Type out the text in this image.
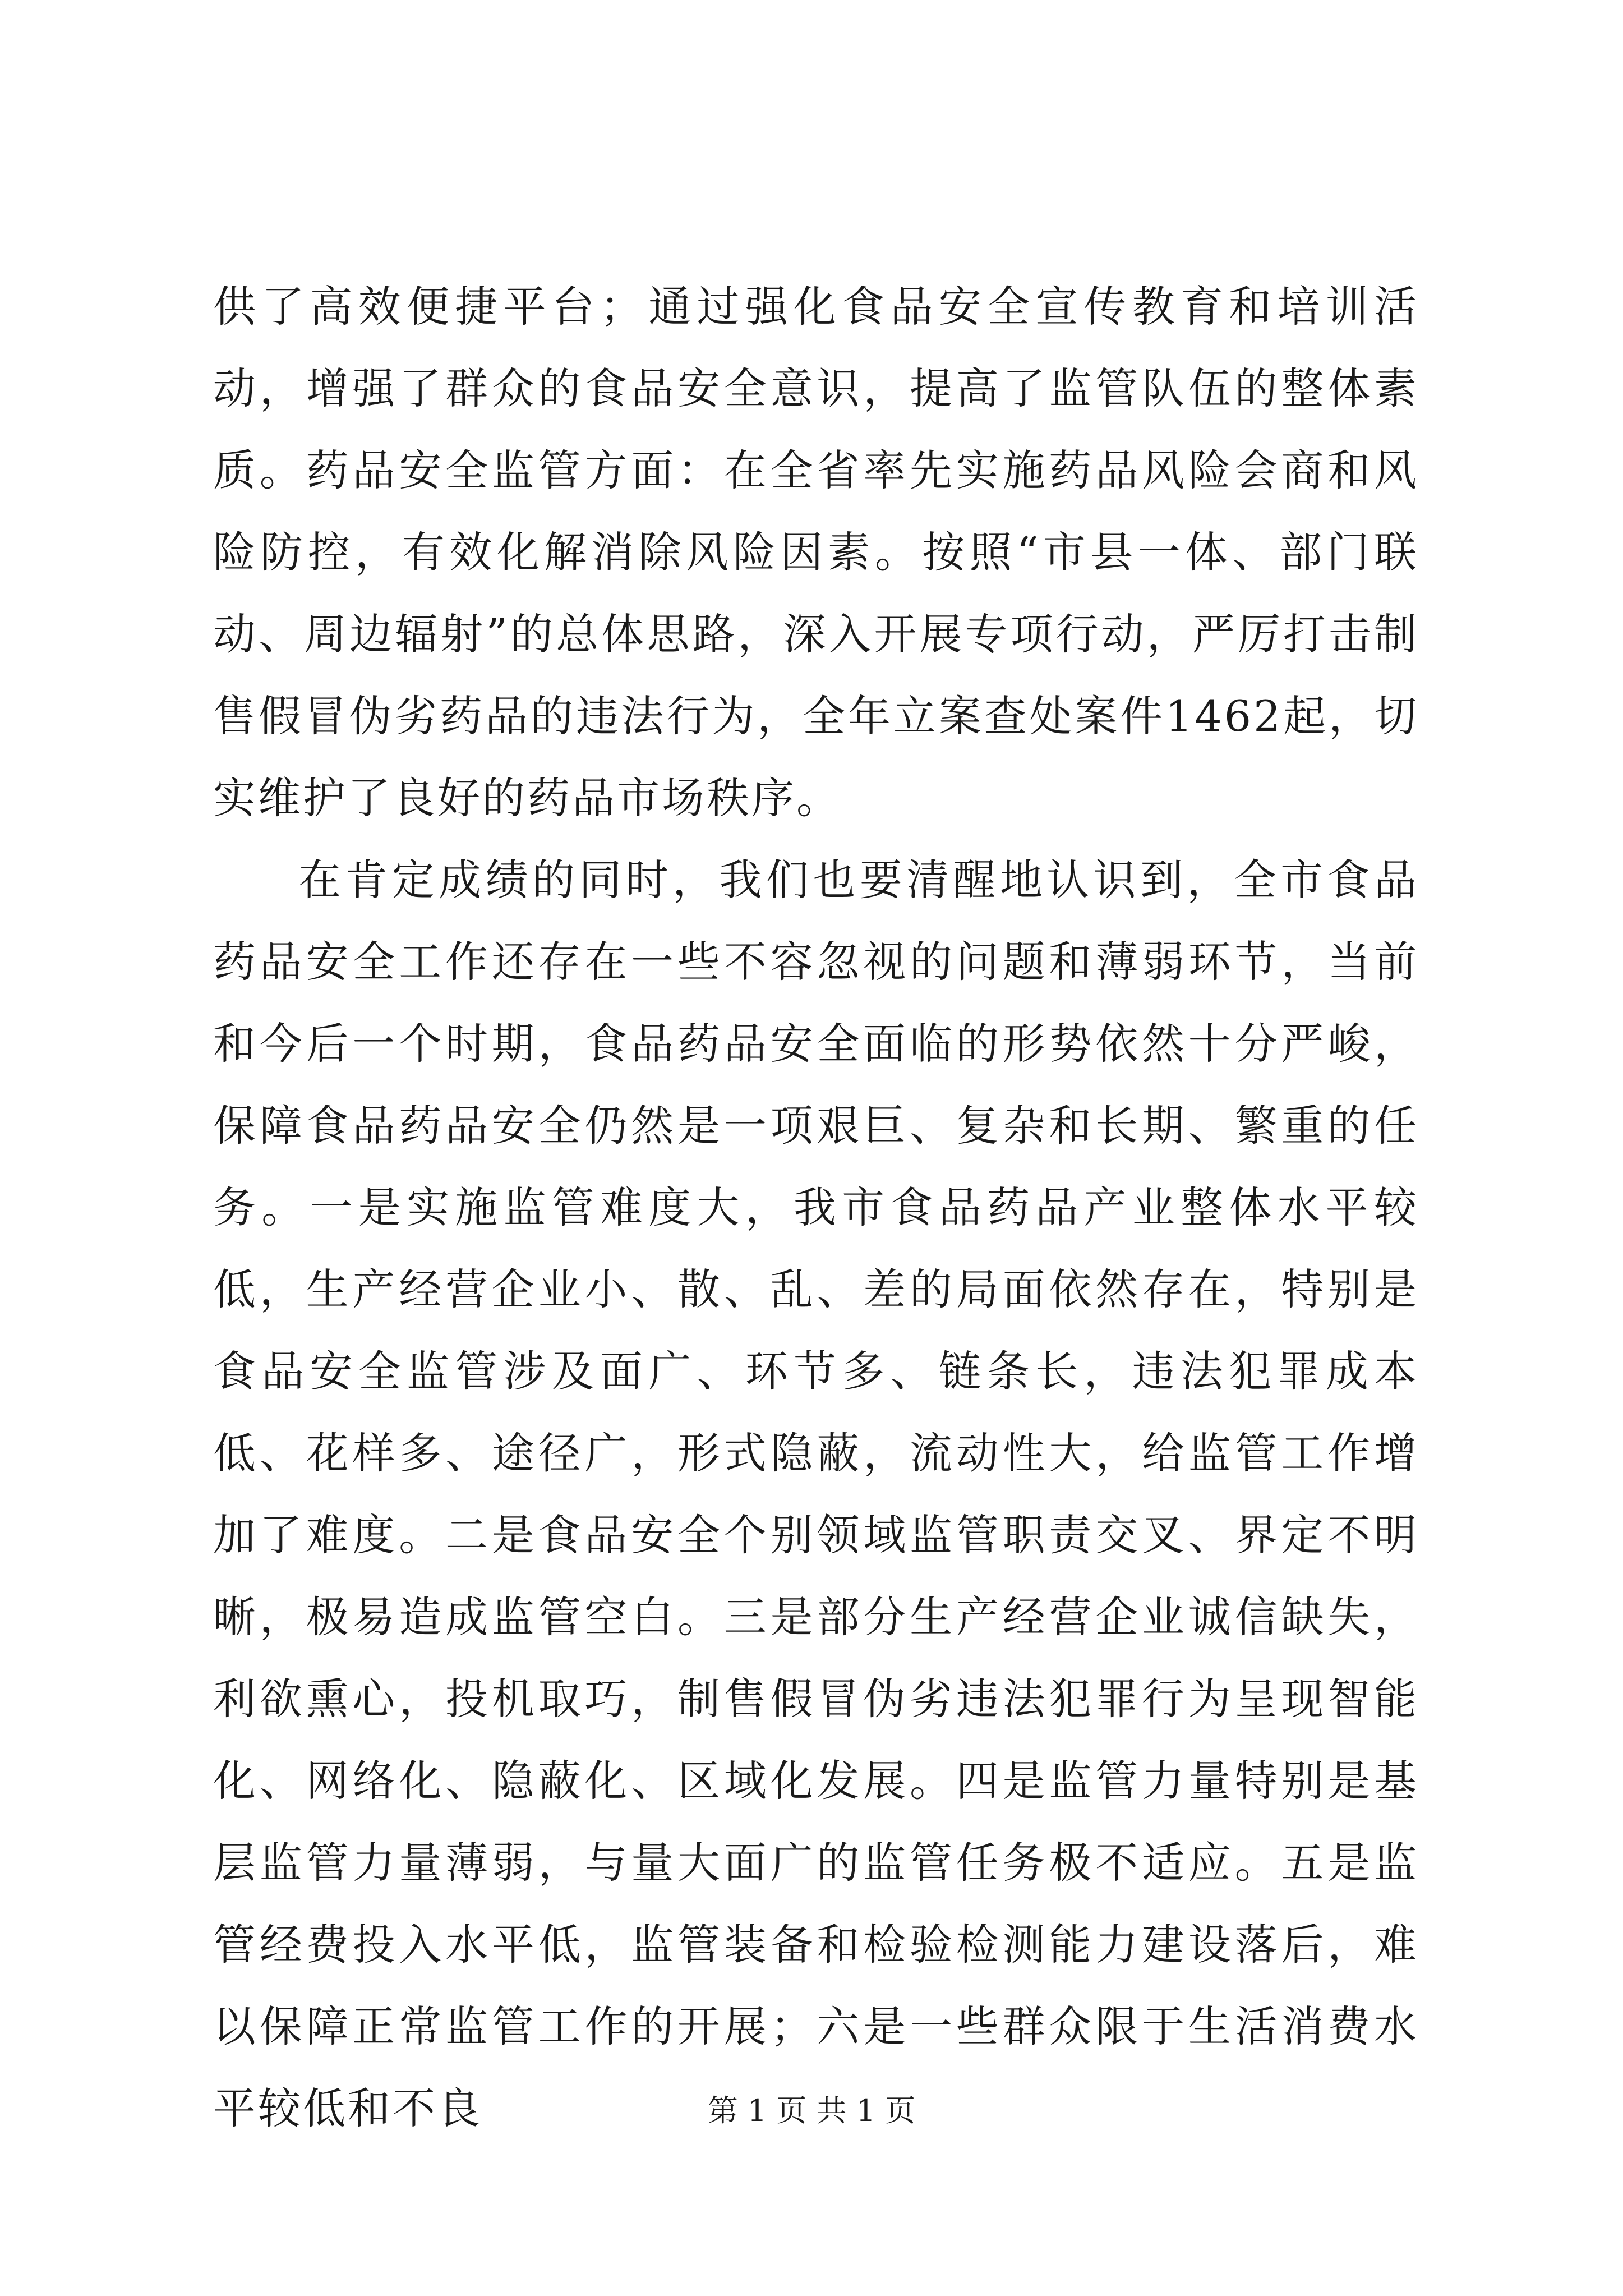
供了高效便捷平台；通过强化食品安全宣传教育和培训活动，增强了群众的食品安全意识，提高了监管队伍的整体素质。药品安全监管方面：在全省率先实施药品风险会商和风险防控，有效化解消除风险因素。按照“市县一体、部门联动、周边辐射”的总体思路，深入开展专项行动，严厉打击制售假冒伪劣药品的违法行为，全年立案查处案件1462起，切实维护了良好的药品市场秩序。

在肯定成绩的同时，我们也要清醒地认识到，全市食品药品安全工作还存在一些不容忽视的问题和薄弱环节，当前和今后一个时期，食品药品安全面临的形势依然十分严峻，保障食品药品安全仍然是一项艰巨、复杂和长期、繁重的任务。一是实施监管难度大，我市食品药品产业整体水平较低，生产经营企业小、散、乱、差的局面依然存在，特别是食品安全监管涉及面广、环节多、链条长，违法犯罪成本低、花样多、途径广，形式隐蔽，流动性大，给监管工作增加了难度。二是食品安全个别领域监管职责交叉、界定不明晰，极易造成监管空白。三是部分生产经营企业诚信缺失，利欲熏心，投机取巧，制售假冒伪劣违法犯罪行为呈现智能化、网络化、隐蔽化、区域化发展。四是监管力量特别是基层监管力量薄弱，与量大面广的监管任务极不适应。五是监管经费投入水平低，监管装备和检验检测能力建设落后，难以保障正常监管工作的开展；六是一些群众限于生活消费水平较低和不良	第 1 页 共 1 页
